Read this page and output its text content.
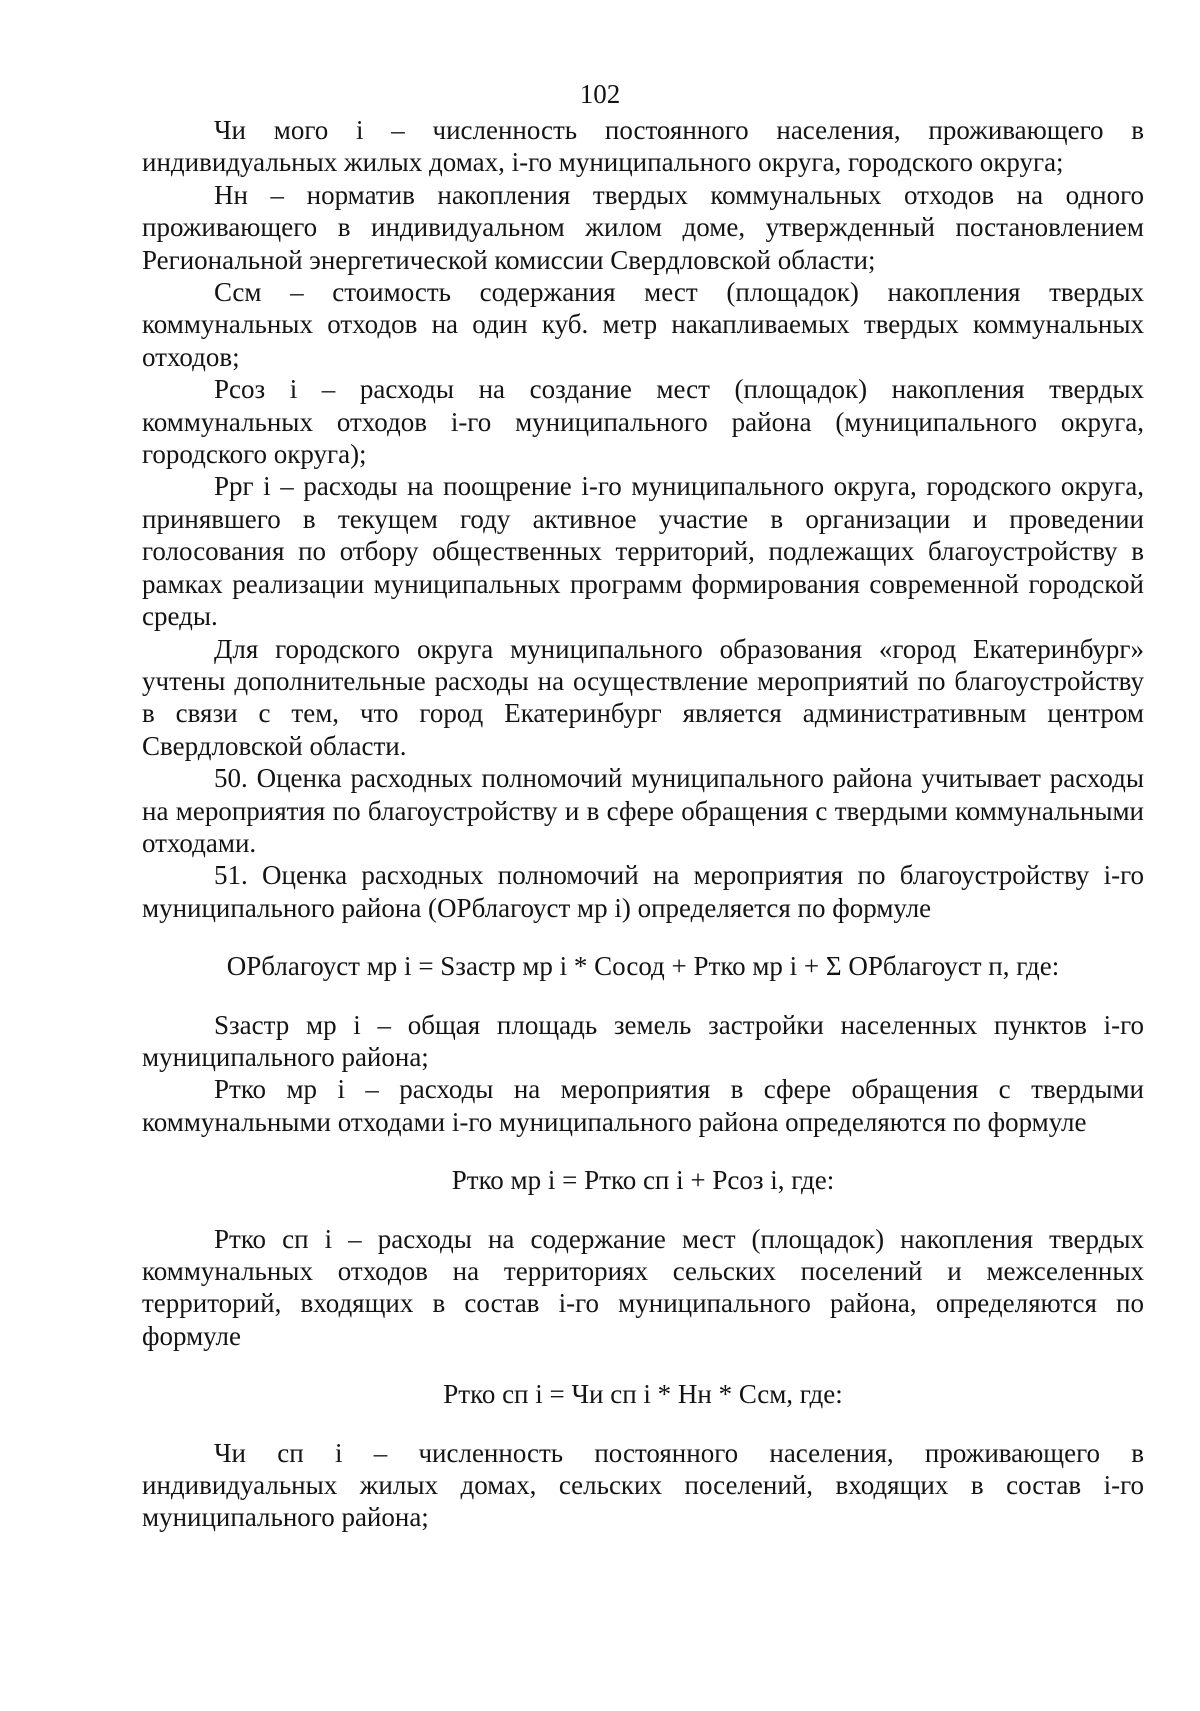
102

Чи мого i – численность постоянного населения, проживающего в индивидуальных жилых домах, i-го муниципального округа, городского округа;

Нн – норматив накопления твердых коммунальных отходов на одного проживающего в индивидуальном жилом доме, утвержденный постановлением Региональной энергетической комиссии Свердловской области;

Ссм – стоимость содержания мест (площадок) накопления твердых коммунальных отходов на один куб. метр накапливаемых твердых коммунальных отходов;

Рсоз i – расходы на создание мест (площадок) накопления твердых коммунальных отходов i-го муниципального района (муниципального округа, городского округа);

Ррг i – расходы на поощрение i-го муниципального округа, городского округа, принявшего в текущем году активное участие в организации и проведении голосования по отбору общественных территорий, подлежащих благоустройству в рамках реализации муниципальных программ формирования современной городской среды.

Для городского округа муниципального образования «город Екатеринбург» учтены дополнительные расходы на осуществление мероприятий по благоустройству в связи с тем, что город Екатеринбург является административным центром Свердловской области.

50. Оценка расходных полномочий муниципального района учитывает расходы на мероприятия по благоустройству и в сфере обращения с твердыми коммунальными отходами.

51. Оценка расходных полномочий на мероприятия по благоустройству i-го муниципального района (ОРблагоуст мр i) определяется по формуле

ОРблагоуст мр i = Sзастр мр i * Сосод + Ртко мр i + Σ ОРблагоуст п, где:

Sзастр мр i – общая площадь земель застройки населенных пунктов i-го муниципального района;

Ртко мр i – расходы на мероприятия в сфере обращения с твердыми коммунальными отходами i-го муниципального района определяются по формуле

Ртко мр i = Ртко сп i + Рсоз i, где:

Ртко сп i – расходы на содержание мест (площадок) накопления твердых коммунальных отходов на территориях сельских поселений и межселенных территорий, входящих в состав i-го муниципального района, определяются по формуле

Ртко сп i = Чи сп i * Нн * Ссм, где:

Чи сп i – численность постоянного населения, проживающего в индивидуальных жилых домах, сельских поселений, входящих в состав i-го муниципального района;
